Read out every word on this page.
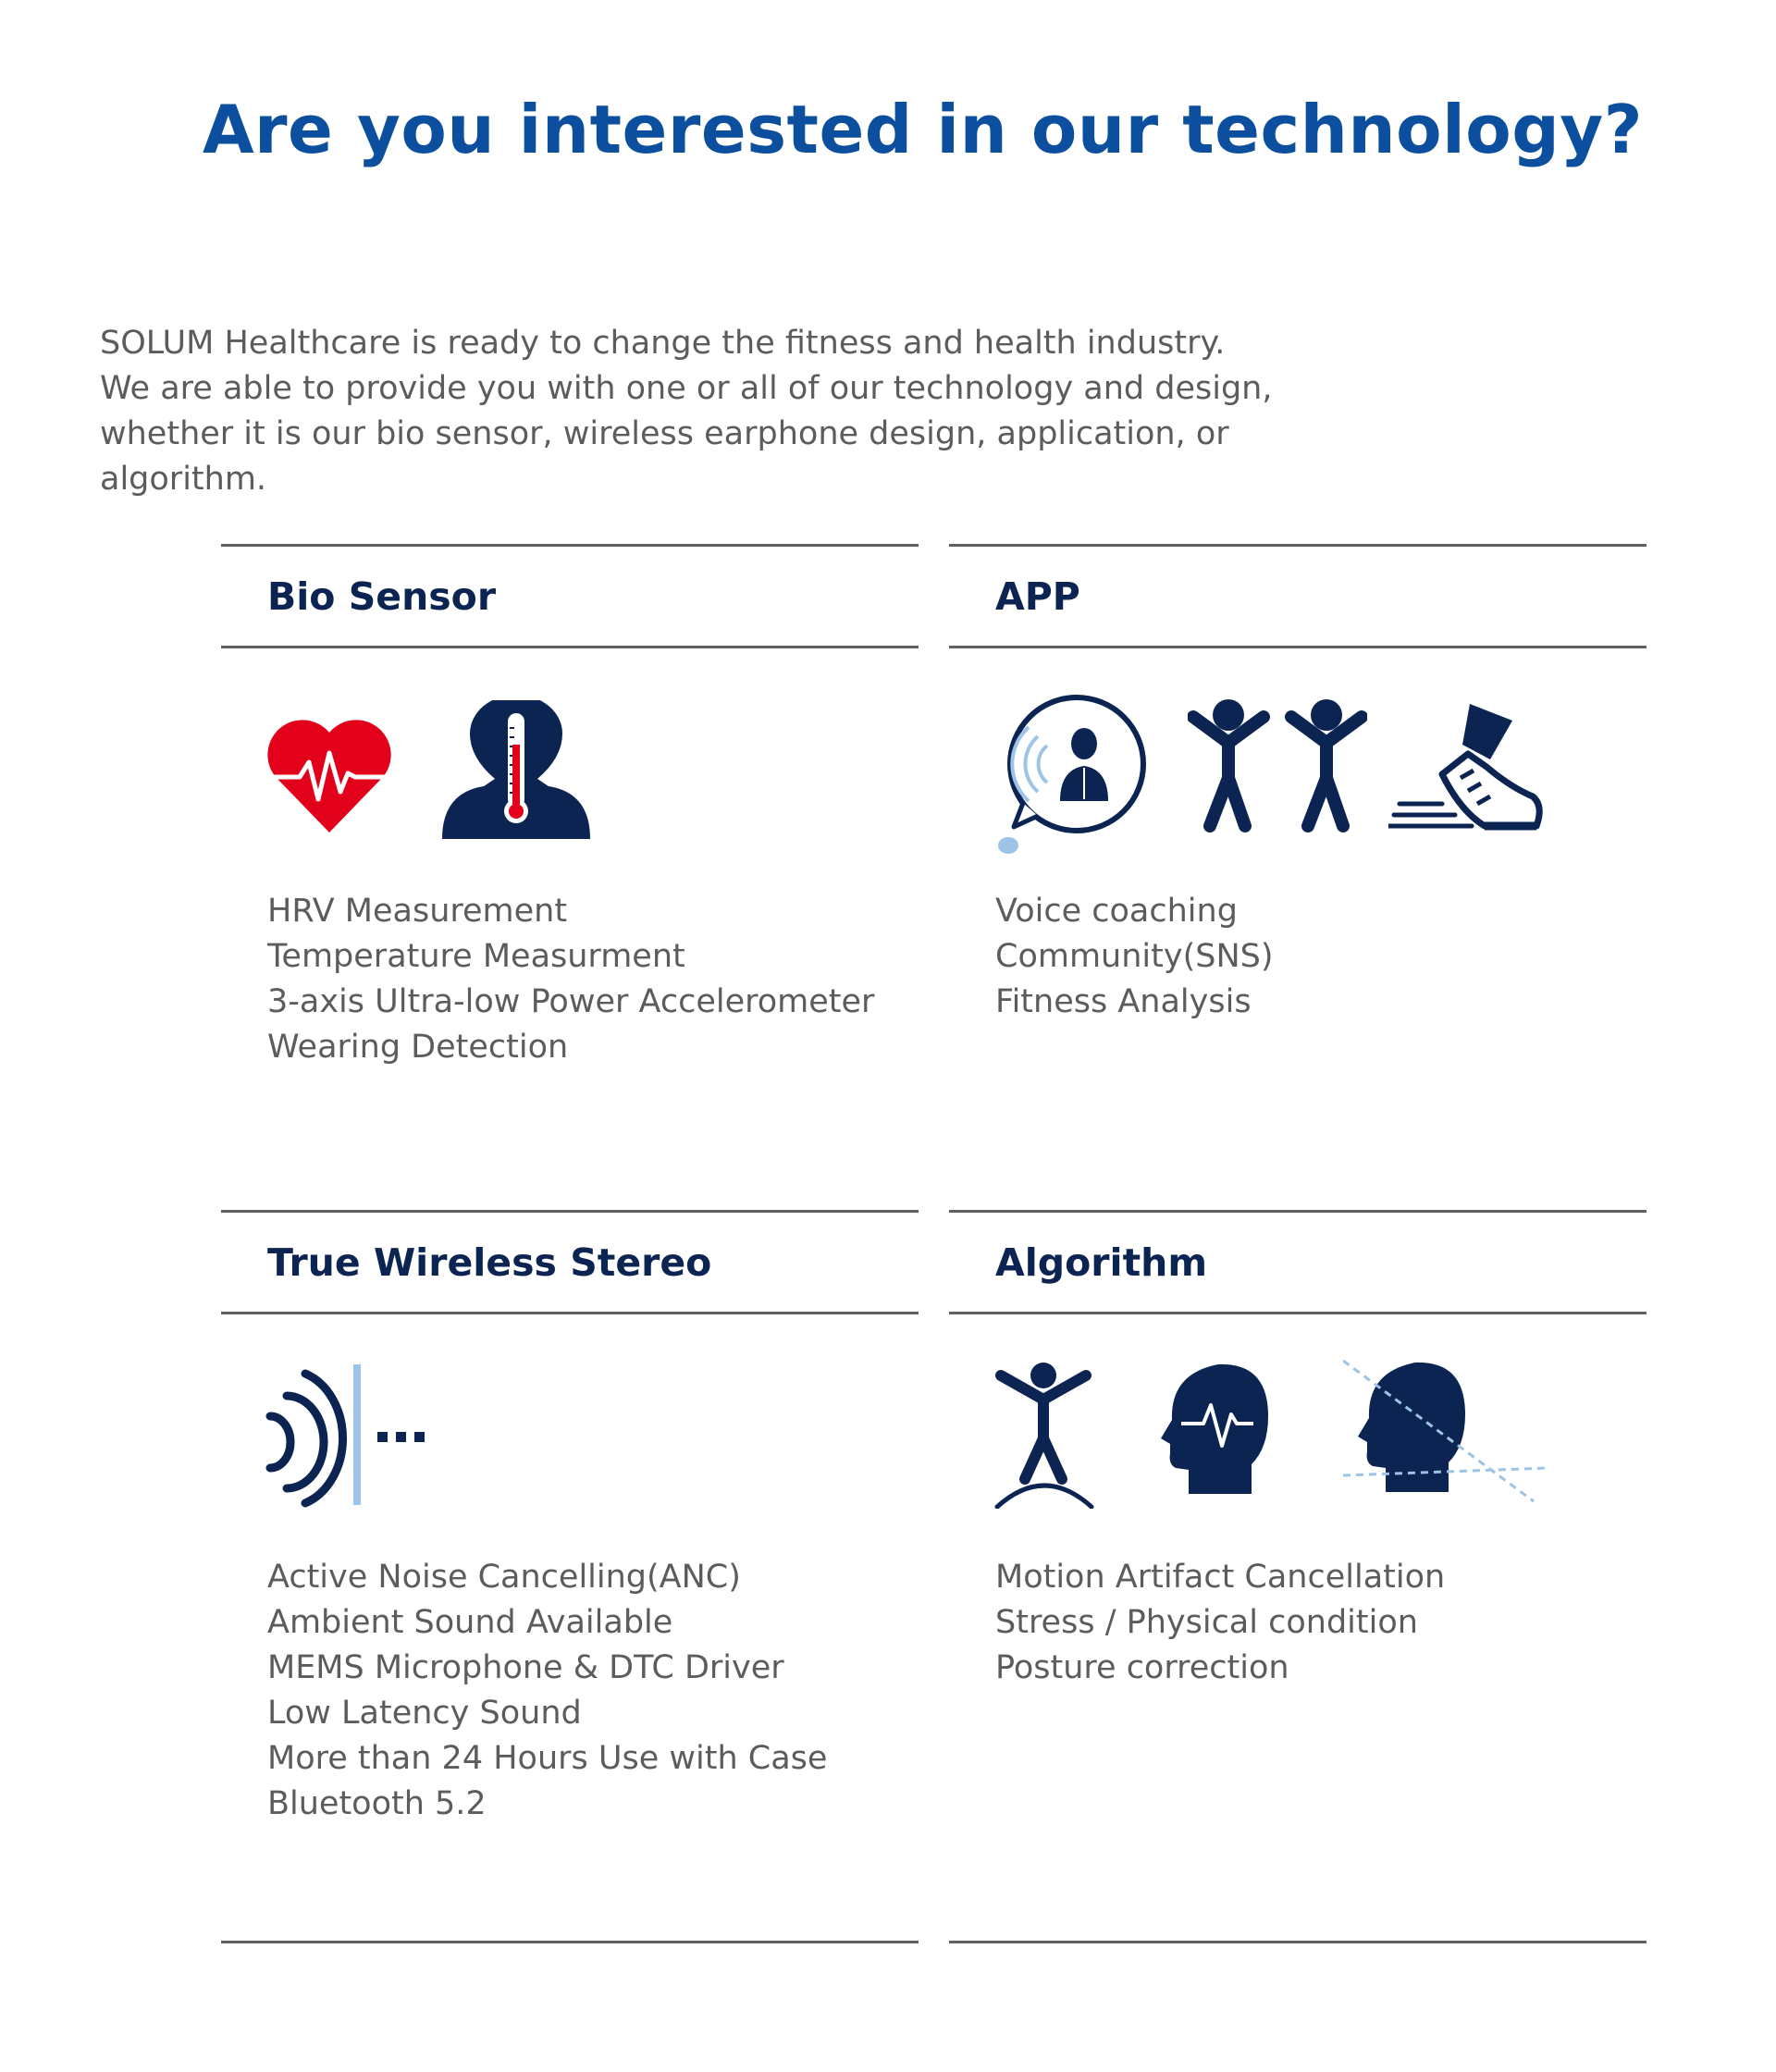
Are you interested in our technology?
SOLUM Healthcare is ready to change the fitness and health industry.
We are able to provide you with one or all of our technology and design,
whether it is our bio sensor, wireless earphone design, application, or
algorithm.
Bio Sensor
HRV Measurement
Temperature Measurment
3-axis Ultra-low Power Accelerometer
Wearing Detection
APP
Voice coaching
Community(SNS)
Fitness Analysis
True Wireless Stereo
Active Noise Cancelling(ANC)
Ambient Sound Available
MEMS Microphone & DTC Driver
Low Latency Sound
More than 24 Hours Use with Case
Bluetooth 5.2
Algorithm
Motion Artifact Cancellation
Stress / Physical condition
Posture correction
